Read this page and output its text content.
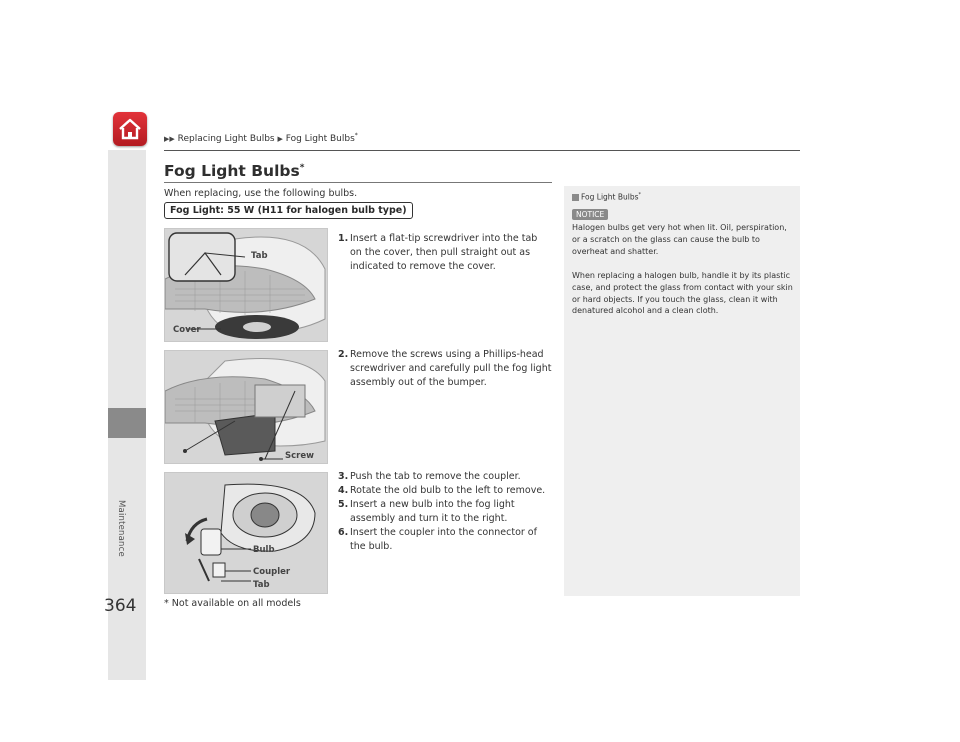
Maintenance
▶▶ Replacing Light Bulbs ▶ Fog Light Bulbs*
Fog Light Bulbs*
When replacing, use the following bulbs.
Fog Light: 55 W (H11 for halogen bulb type)
Tab
Cover
Screw
Bulb
Coupler
Tab
1. Insert a flat-tip screwdriver into the tab on the cover, then pull straight out as indicated to remove the cover.
2. Remove the screws using a Phillips-head screwdriver and carefully pull the fog light assembly out of the bumper.
3. Push the tab to remove the coupler.
4. Rotate the old bulb to the left to remove.
5. Insert a new bulb into the fog light assembly and turn it to the right.
6. Insert the coupler into the connector of the bulb.
Fog Light Bulbs*
NOTICE
Halogen bulbs get very hot when lit. Oil, perspiration, or a scratch on the glass can cause the bulb to overheat and shatter.
When replacing a halogen bulb, handle it by its plastic case, and protect the glass from contact with your skin or hard objects. If you touch the glass, clean it with denatured alcohol and a clean cloth.
364	* Not available on all models
